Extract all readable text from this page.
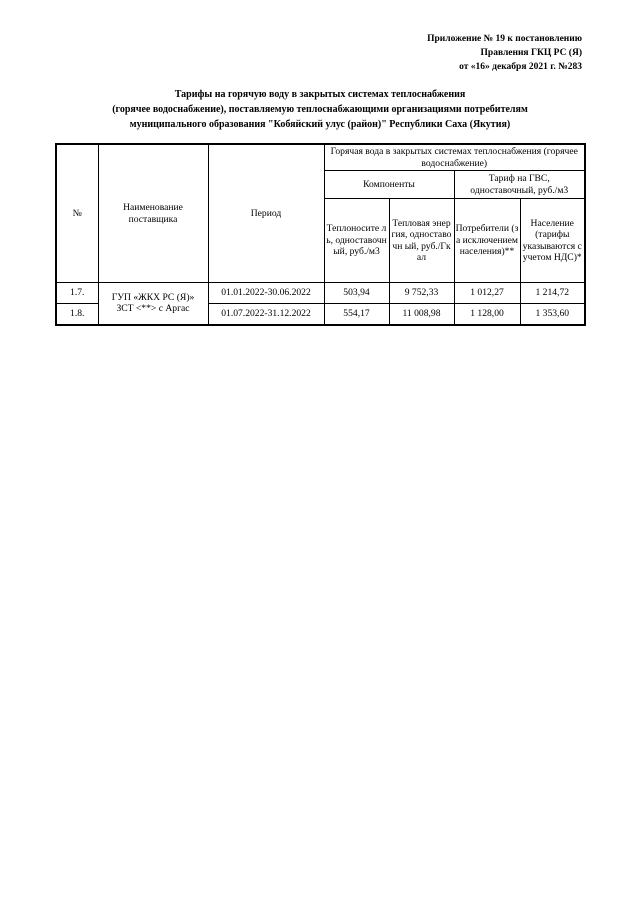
Приложение № 19 к постановлению
Правления ГКЦ РС (Я)
от «16» декабря 2021 г. №283
Тарифы на горячую воду в закрытых системах теплоснабжения
(горячее водоснабжение), поставляемую теплоснабжающими организациями потребителям
муниципального образования "Кобяйский улус (район)" Республики Саха (Якутия)
№	Наименование поставщика	Период	Горячая вода в закрытых системах теплоснабжения (горячее водоснабжение)			
			Компоненты		Тариф на ГВС, одноставочный, руб./м3	
			Теплоносите ль, одноставочн ый, руб./м3	Тепловая энергия, одноставочн ый, руб./Гкал	Потребители (за исключением населения)**	Население (тарифы указываются с учетом НДС)*
1.7.	ГУП «ЖКХ РС (Я)» ЗСТ <**> с Аргас	01.01.2022-30.06.2022	503,94	9 752,33	1 012,27	1 214,72
1.8.		01.07.2022-31.12.2022	554,17	11 008,98	1 128,00	1 353,60
